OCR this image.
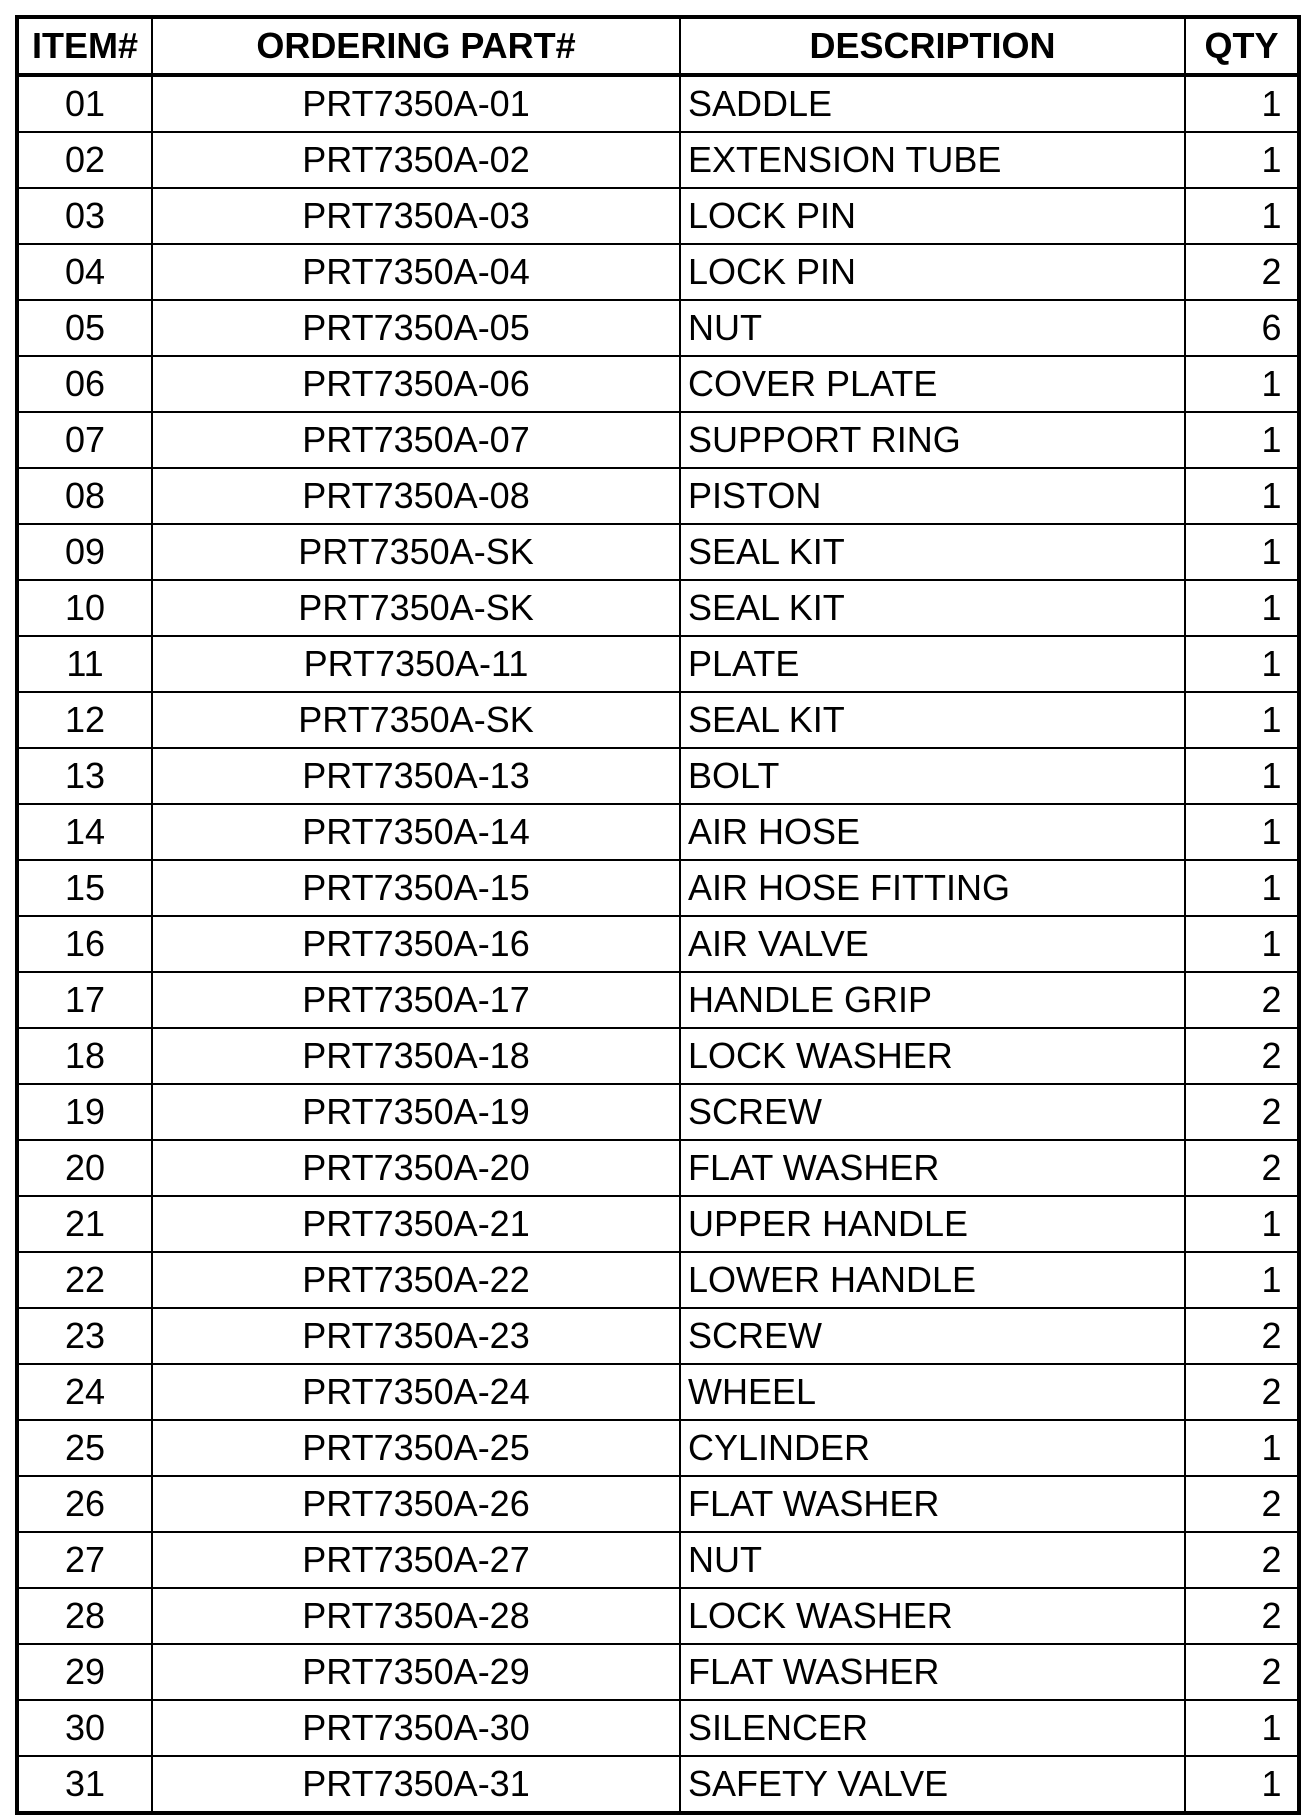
ITEM#	ORDERING PART#	DESCRIPTION	QTY
01	PRT7350A-01	SADDLE	1
02	PRT7350A-02	EXTENSION TUBE	1
03	PRT7350A-03	LOCK PIN	1
04	PRT7350A-04	LOCK PIN	2
05	PRT7350A-05	NUT	6
06	PRT7350A-06	COVER PLATE	1
07	PRT7350A-07	SUPPORT RING	1
08	PRT7350A-08	PISTON	1
09	PRT7350A-SK	SEAL KIT	1
10	PRT7350A-SK	SEAL KIT	1
11	PRT7350A-11	PLATE	1
12	PRT7350A-SK	SEAL KIT	1
13	PRT7350A-13	BOLT	1
14	PRT7350A-14	AIR HOSE	1
15	PRT7350A-15	AIR HOSE FITTING	1
16	PRT7350A-16	AIR VALVE	1
17	PRT7350A-17	HANDLE GRIP	2
18	PRT7350A-18	LOCK WASHER	2
19	PRT7350A-19	SCREW	2
20	PRT7350A-20	FLAT WASHER	2
21	PRT7350A-21	UPPER HANDLE	1
22	PRT7350A-22	LOWER HANDLE	1
23	PRT7350A-23	SCREW	2
24	PRT7350A-24	WHEEL	2
25	PRT7350A-25	CYLINDER	1
26	PRT7350A-26	FLAT WASHER	2
27	PRT7350A-27	NUT	2
28	PRT7350A-28	LOCK WASHER	2
29	PRT7350A-29	FLAT WASHER	2
30	PRT7350A-30	SILENCER	1
31	PRT7350A-31	SAFETY VALVE	1
